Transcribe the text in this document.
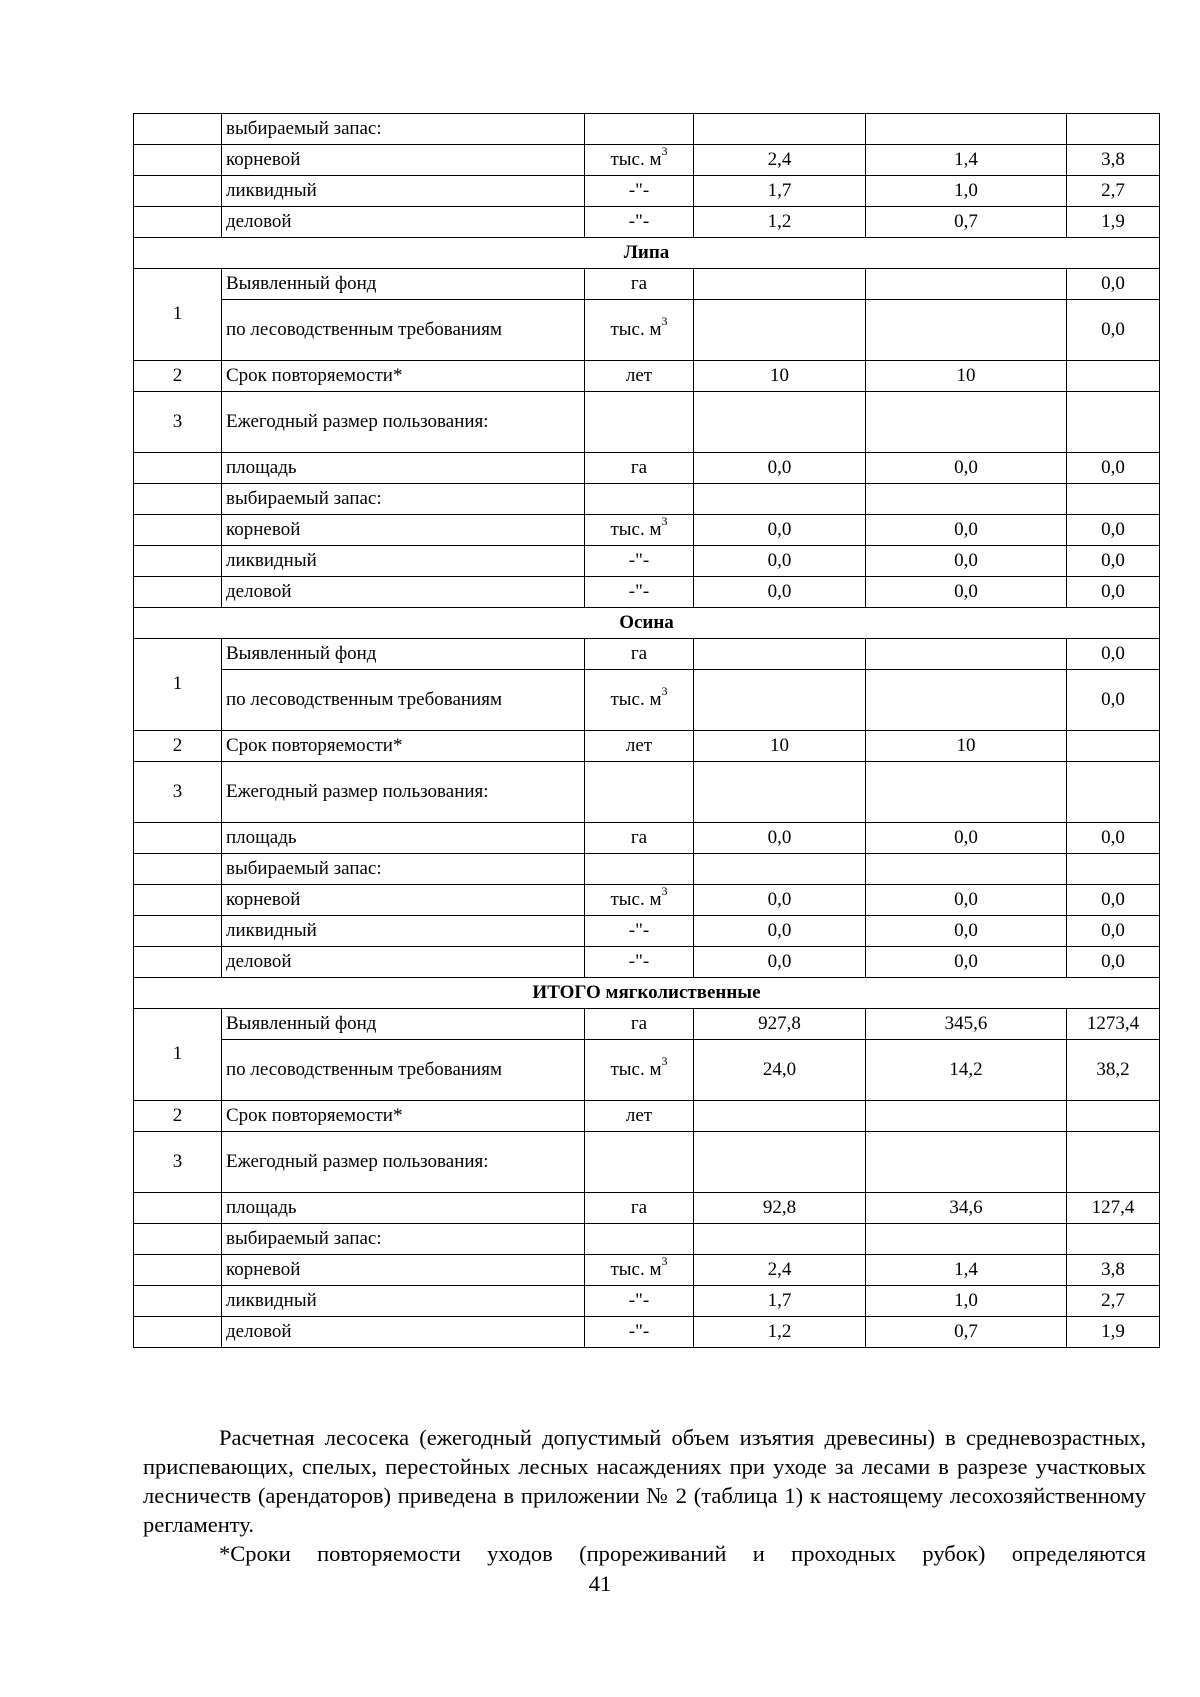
	выбираемый запас:				
	корневой	тыс. $м^3$	2,4	1,4	3,8
	ликвидный	-"-	1,7	1,0	2,7
	деловой	-"-	1,2	0,7	1,9
Липа					
1	Выявленный фонд	га			0,0
	по лесоводственным требованиям	тыс. $м^3$			0,0
2	Срок повторяемости*	лет	10	10	
3	Ежегодный размер пользования:				
	площадь	га	0,0	0,0	0,0
	выбираемый запас:				
	корневой	тыс. $м^3$	0,0	0,0	0,0
	ликвидный	-"-	0,0	0,0	0,0
	деловой	-"-	0,0	0,0	0,0
Осина					
1	Выявленный фонд	га			0,0
	по лесоводственным требованиям	тыс. $м^3$			0,0
2	Срок повторяемости*	лет	10	10	
3	Ежегодный размер пользования:				
	площадь	га	0,0	0,0	0,0
	выбираемый запас:				
	корневой	тыс. $м^3$	0,0	0,0	0,0
	ликвидный	-"-	0,0	0,0	0,0
	деловой	-"-	0,0	0,0	0,0
ИТОГО мягколиственные					
1	Выявленный фонд	га	927,8	345,6	1273,4
	по лесоводственным требованиям	тыс. $м^3$	24,0	14,2	38,2
2	Срок повторяемости*	лет			
3	Ежегодный размер пользования:				
	площадь	га	92,8	34,6	127,4
	выбираемый запас:				
	корневой	тыс. $м^3$	2,4	1,4	3,8
	ликвидный	-"-	1,7	1,0	2,7
	деловой	-"-	1,2	0,7	1,9

Расчетная лесосека (ежегодный допустимый объем изъятия древесины) в средневозрастных, приспевающих, спелых, перестойных лесных насаждениях при уходе за лесами в разрезе участковых лесничеств (арендаторов) приведена в приложении № 2 (таблица 1) к настоящему лесохозяйственному регламенту.

*Сроки повторяемости уходов (прореживаний и проходных рубок) определяются

41
